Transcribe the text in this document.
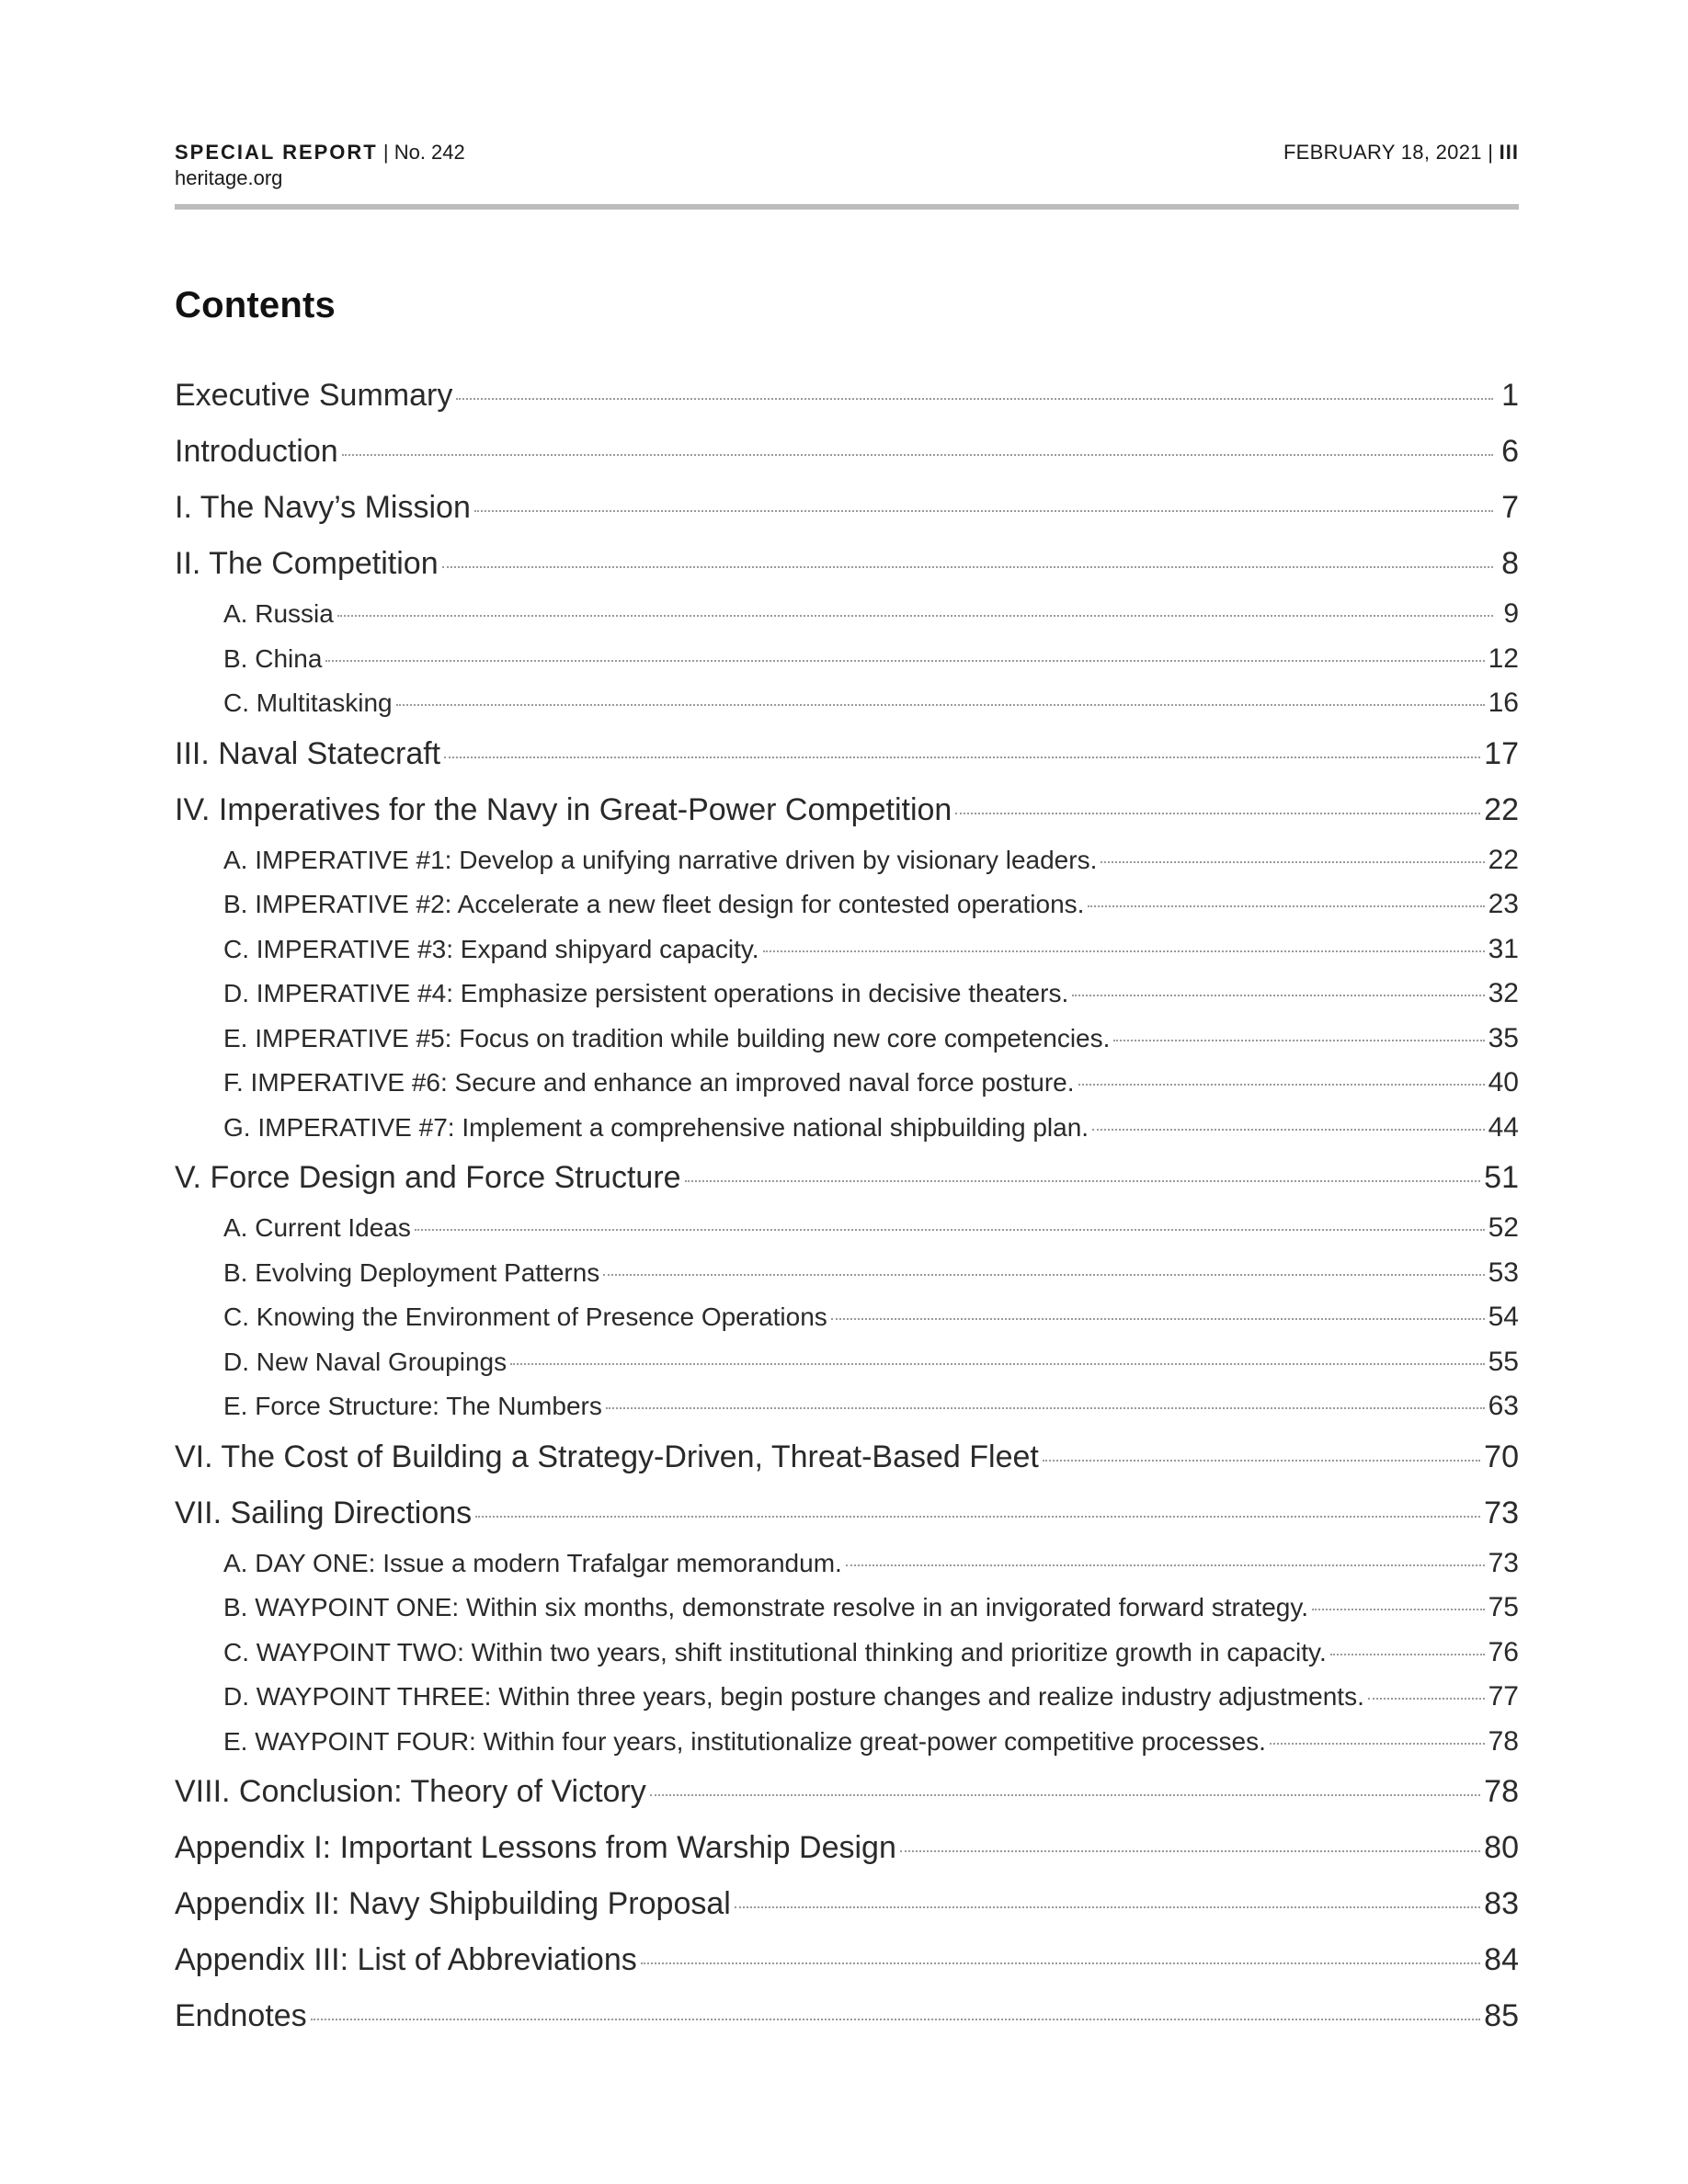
SPECIAL REPORT | No. 242
heritage.org
FEBRUARY 18, 2021 | III
Contents
Executive Summary	1
Introduction	6
I. The Navy’s Mission	7
II. The Competition	8
A. Russia	9
B. China	12
C. Multitasking	16
III. Naval Statecraft	17
IV. Imperatives for the Navy in Great-Power Competition	22
A. IMPERATIVE #1: Develop a unifying narrative driven by visionary leaders.	22
B. IMPERATIVE #2: Accelerate a new fleet design for contested operations.	23
C. IMPERATIVE #3: Expand shipyard capacity.	31
D. IMPERATIVE #4: Emphasize persistent operations in decisive theaters.	32
E. IMPERATIVE #5: Focus on tradition while building new core competencies.	35
F. IMPERATIVE #6: Secure and enhance an improved naval force posture.	40
G. IMPERATIVE #7: Implement a comprehensive national shipbuilding plan.	44
V. Force Design and Force Structure	51
A. Current Ideas	52
B. Evolving Deployment Patterns	53
C. Knowing the Environment of Presence Operations	54
D. New Naval Groupings	55
E. Force Structure: The Numbers	63
VI. The Cost of Building a Strategy-Driven, Threat-Based Fleet	70
VII. Sailing Directions	73
A. DAY ONE: Issue a modern Trafalgar memorandum.	73
B. WAYPOINT ONE: Within six months, demonstrate resolve in an invigorated forward strategy.	75
C. WAYPOINT TWO: Within two years, shift institutional thinking and prioritize growth in capacity.	76
D. WAYPOINT THREE: Within three years, begin posture changes and realize industry adjustments.	77
E. WAYPOINT FOUR: Within four years, institutionalize great-power competitive processes.	78
VIII. Conclusion: Theory of Victory	78
Appendix I: Important Lessons from Warship Design	80
Appendix II: Navy Shipbuilding Proposal	83
Appendix III: List of Abbreviations	84
Endnotes	85
